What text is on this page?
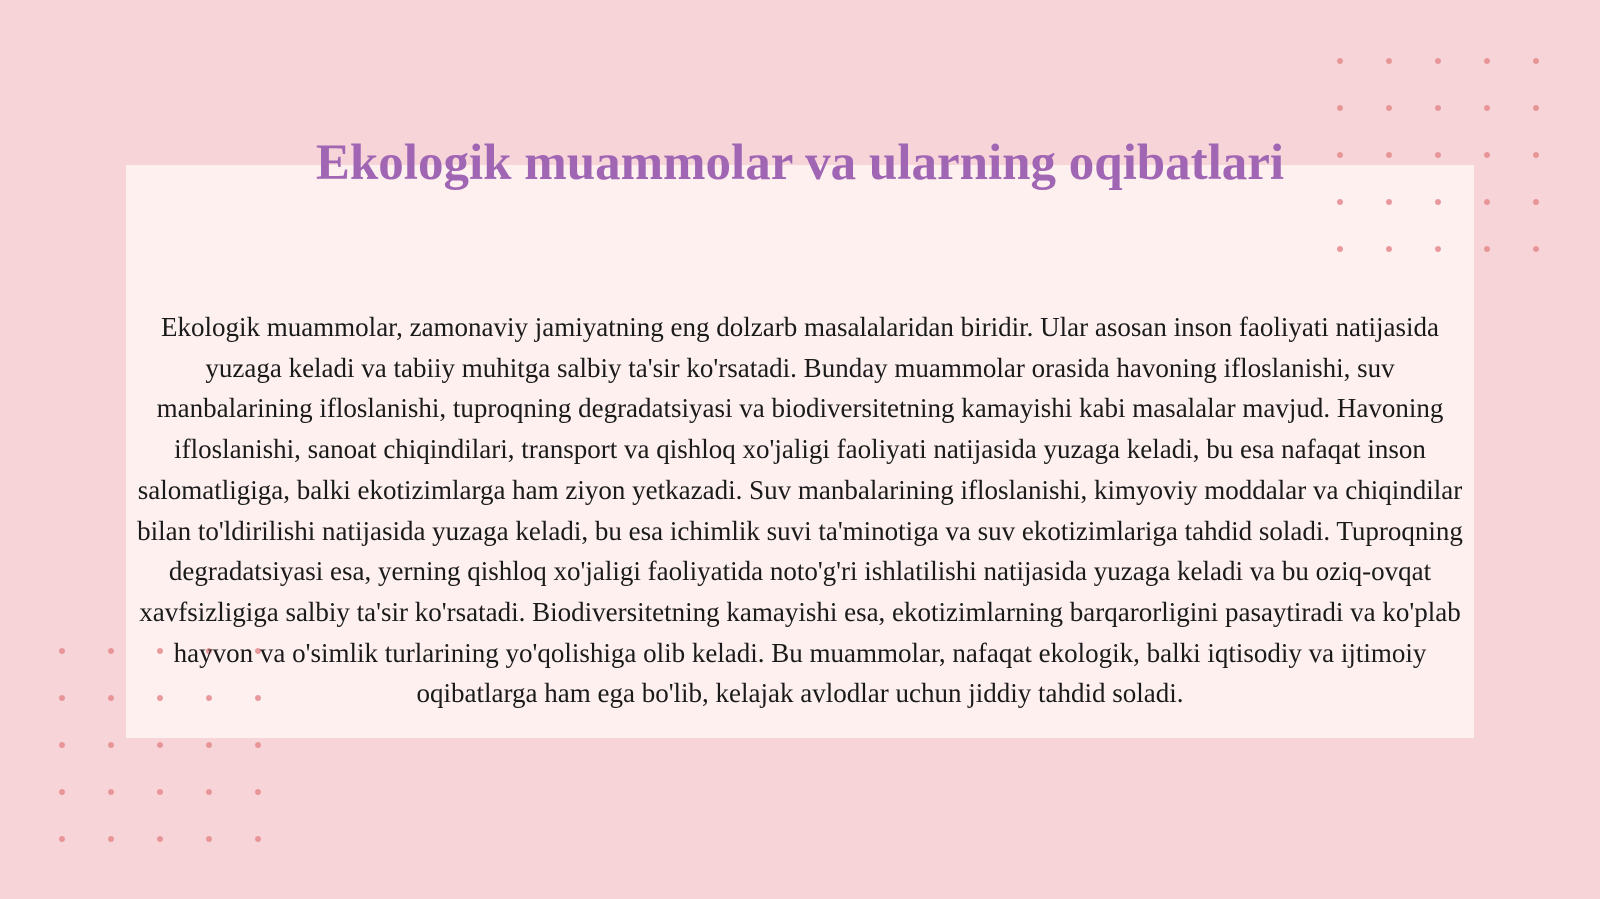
Ekologik muammolar va ularning oqibatlari

Ekologik muammolar, zamonaviy jamiyatning eng dolzarb masalalaridan biridir. Ular asosan inson faoliyati natijasida yuzaga keladi va tabiiy muhitga salbiy ta'sir ko'rsatadi. Bunday muammolar orasida havoning ifloslanishi, suv manbalarining ifloslanishi, tuproqning degradatsiyasi va biodiversitetning kamayishi kabi masalalar mavjud. Havoning ifloslanishi, sanoat chiqindilari, transport va qishloq xo'jaligi faoliyati natijasida yuzaga keladi, bu esa nafaqat inson salomatligiga, balki ekotizimlarga ham ziyon yetkazadi. Suv manbalarining ifloslanishi, kimyoviy moddalar va chiqindilar bilan to'ldirilishi natijasida yuzaga keladi, bu esa ichimlik suvi ta'minotiga va suv ekotizimlariga tahdid soladi. Tuproqning degradatsiyasi esa, yerning qishloq xo'jaligi faoliyatida noto'g'ri ishlatilishi natijasida yuzaga keladi va bu oziq-ovqat xavfsizligiga salbiy ta'sir ko'rsatadi. Biodiversitetning kamayishi esa, ekotizimlarning barqarorligini pasaytiradi va ko'plab hayvon va o'simlik turlarining yo'qolishiga olib keladi. Bu muammolar, nafaqat ekologik, balki iqtisodiy va ijtimoiy oqibatlarga ham ega bo'lib, kelajak avlodlar uchun jiddiy tahdid soladi.
